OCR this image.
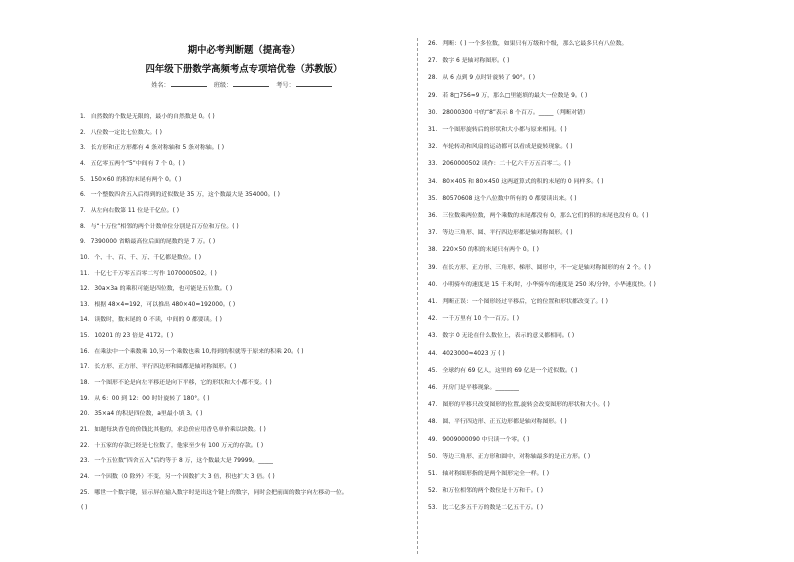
期中必考判断题（提高卷）
四年级下册数学高频考点专项培优卷（苏教版）
姓名：	班级：	考号：
1．自然数的个数是无限的，最小的自然数是 0。( )
2．八位数一定比七位数大。( )
3．长方形和正方形都有 4 条对称轴和 5 条对称轴。( )
4．五亿零五两个“5”中间有 7 个 0。( )
5．150×60 的积的末尾有两个 0。( )
6．一个整数四舍五入后得到的近似数是 35 万，这个数最大是 354000。( )
7．从左向右数第 11 位是千亿位。( )
8．与“十万位”相邻的两个计数单位分别是百万位和万位。( )
9．7390000 省略最高位后面的尾数约是 7 万。( )
10．个、十、百、千、万、千亿都是数位。( )
11．十亿七千万零五百零二写作 1070000502。( )
12．30a×3a 的乘积可能是四位数，也可能是五位数。( )
13．根据 48×4=192，可以推出 480×40=192000。( )
14．读数时，数末尾的 0 不读，中间的 0 都要读。( )
15．10201 的 23 倍是 4172。( )
16．在乘法中一个乘数乘 10,另一个乘数也乘 10,得到的积就等于原来的积乘 20。( )
17．长方形、正方形、平行四边形和圆都是轴对称图形。( )
18．一个图形不论是向左平移还是向下平移，它的形状和大小都不变。( )
19．从 6：00 到 12：00 时针旋转了 180°。( )
20．35×a4 的积是四位数，a里最小填 3。( )
21．如题每块香皂的价钱比其他的，求总价应用香皂单价乘以块数。( )
22．十五家的存款已经是七位数了，他家至少有 100 万元的存款。( )
23．一个五位数“四舍五入”后约等于 8 万，这个数最大是 79999。_____
24．一个因数（0 除外）不变，另一个因数扩大 3 倍，积也扩大 3 倍。( )
25．哪世一个数字键，显示屏在输入数字时是出这个键上的数字，同时会把前面的数字向左移动一位。
( )
26．判断：( ) 一个多位数，如果只有万级和个级，那么它最多只有八位数。
27．数字 6 是轴对称图形。( )
28．从 6 点到 9 点时针旋转了 90°。( )
29．若 8□756≈9 万，那么□里能填的最大一位数是 9。( )
30．28000300 中的“8”表示 8 个百万。_____（判断对错）
31．一个图形旋转后的形状和大小都与原来相同。( )
32．车轮转动和风扇的运动都可以看成是旋转现象。( )
33．2060000502 读作：二十亿六千万五百零二。( )
34．80×405 和 80×450 这两道算式的积的末尾的 0 同样多。( )
35．80570608 这个八位数中所有的 0 都要读出来。( )
36．三位数乘两位数，两个乘数的末尾都没有 0，那么它们的积的末尾也没有 0。( )
37．等边三角形、圆、平行四边形都是轴对称图形。( )
38．220×50 的积的末尾只有两个 0。( )
39．在长方形、正方形、三角形、梯形、圆形中，不一定是轴对称图形的有 2 个。( )
40．小明骑车的速度是 15 千米/时，小华骑车的速度是 250 米/分钟，小华速度快。( )
41．判断正误：一个图形经过平移后，它的位置和形状都改变了。( )
42．一千万里有 10 个一百万。( )
43．数字 0 无论在什么数位上，表示的意义都相同。( )
44．4023000≈4023 万 ( )
45．全球约有 69 亿人，这里的 69 亿是一个近似数。( )
46．开房门是平移现象。________
47．图形的平移只改变图形的位置,旋转会改变图形的形状和大小。( )
48．圆、平行四边形、正五边形都是轴对称图形。( )
49．9009000090 中只读一个零。( )
50．等边三角形、正方形和圆中，对称轴最多的是正方形。( )
51．轴对称图形指的是两个图形完全一样。( )
52．和万位相邻的两个数位是十万和千。( )
53．比二亿多五千万的数是二亿五千万。( )
